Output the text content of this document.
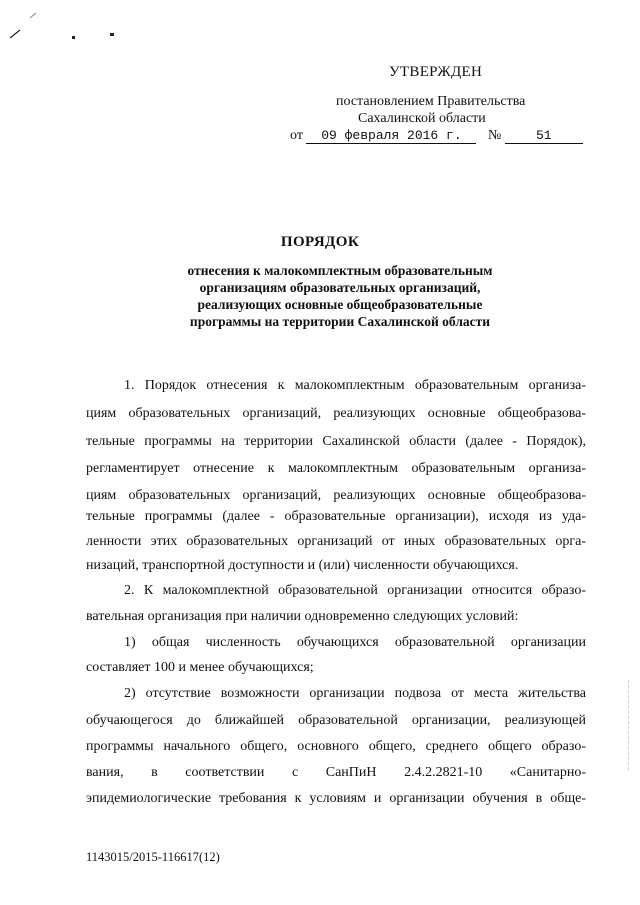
УТВЕРЖДЕН
постановлением Правительства
Сахалинской области
от 09 февраля 2016 г. №	51
ПОРЯДОК
отнесения к малокомплектным образовательным
организациям образовательных организаций,
реализующих основные общеобразовательные
программы на территории Сахалинской области
1. Порядок отнесения к малокомплектным образовательным организа-
циям образовательных организаций, реализующих основные общеобразова-
тельные программы на территории Сахалинской области (далее - Порядок),
регламентирует отнесение к малокомплектным образовательным организа-
циям образовательных организаций, реализующих основные общеобразова-
тельные программы (далее - образовательные организации), исходя из уда-
ленности этих образовательных организаций от иных образовательных орга-
низаций, транспортной доступности и (или) численности обучающихся.
2. К малокомплектной образовательной организации относится образо-
вательная организация при наличии одновременно следующих условий:
1) общая численность обучающихся образовательной организации
составляет 100 и менее обучающихся;
2) отсутствие возможности организации подвоза от места жительства
обучающегося до ближайшей образовательной организации, реализующей
программы начального общего, основного общего, среднего общего образо-
вания, в соответствии с СанПиН 2.4.2.2821-10 «Санитарно-
эпидемиологические требования к условиям и организации обучения в обще-
1143015/2015-116617(12)
